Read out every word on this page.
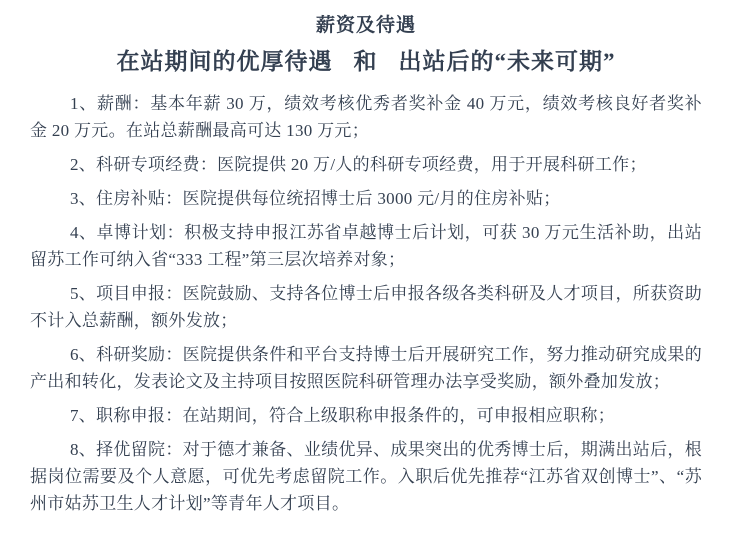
薪资及待遇
在站期间的优厚待遇 和 出站后的“未来可期”

1、薪酬：基本年薪 30 万，绩效考核优秀者奖补金 40 万元，绩效考核良好者奖补金 20 万元。在站总薪酬最高可达 130 万元；

2、科研专项经费：医院提供 20 万/人的科研专项经费，用于开展科研工作；

3、住房补贴：医院提供每位统招博士后 3000 元/月的住房补贴；

4、卓博计划：积极支持申报江苏省卓越博士后计划，可获 30 万元生活补助，出站留苏工作可纳入省“333 工程”第三层次培养对象；

5、项目申报：医院鼓励、支持各位博士后申报各级各类科研及人才项目，所获资助不计入总薪酬，额外发放；

6、科研奖励：医院提供条件和平台支持博士后开展研究工作，努力推动研究成果的产出和转化，发表论文及主持项目按照医院科研管理办法享受奖励，额外叠加发放；

7、职称申报：在站期间，符合上级职称申报条件的，可申报相应职称；

8、择优留院：对于德才兼备、业绩优异、成果突出的优秀博士后，期满出站后，根据岗位需要及个人意愿，可优先考虑留院工作。入职后优先推荐“江苏省双创博士”、“苏州市姑苏卫生人才计划”等青年人才项目。
